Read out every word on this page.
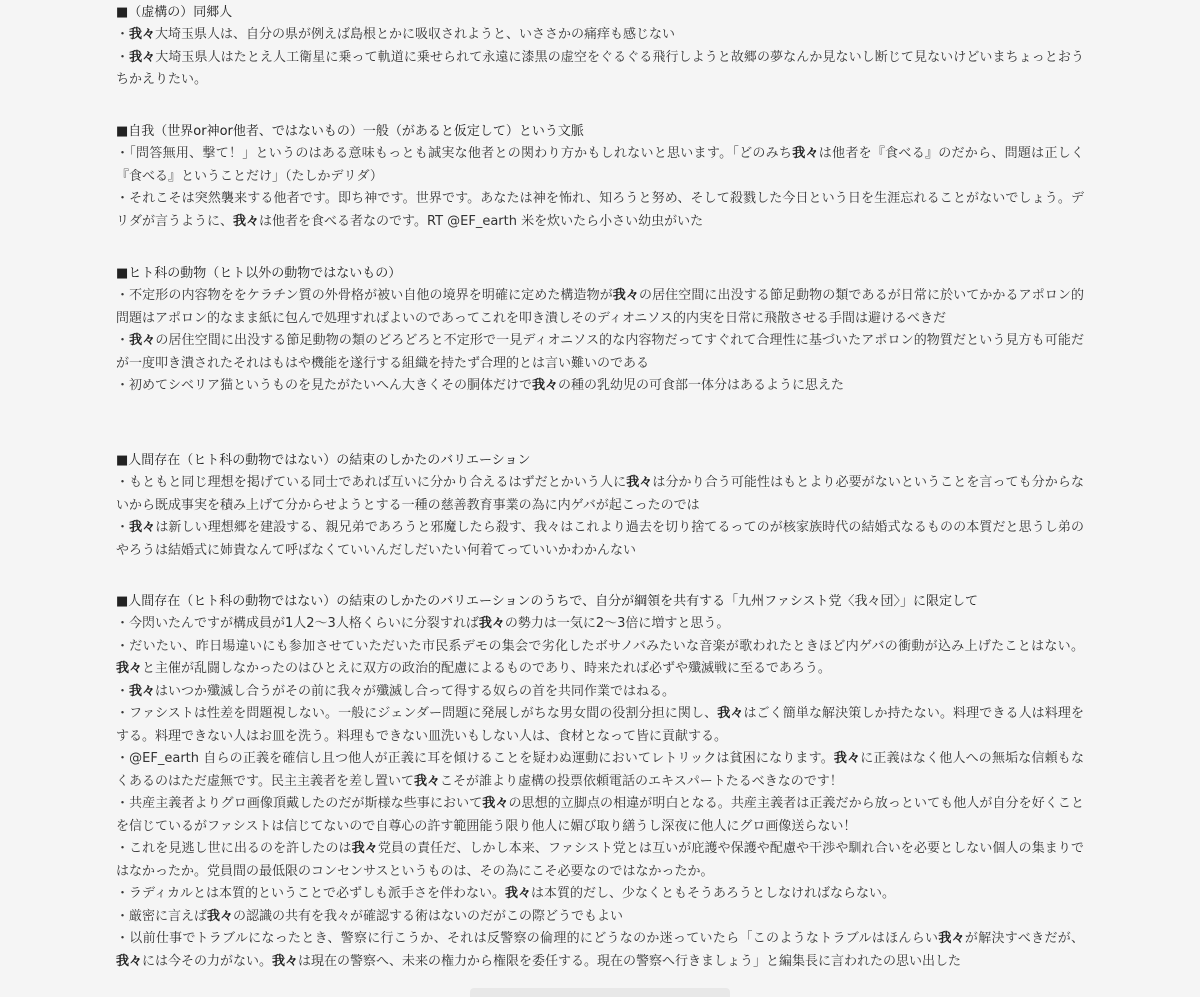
■（虚構の）同郷人
・我々大埼玉県人は、自分の県が例えば島根とかに吸収されようと、いささかの痛痒も感じない
・我々大埼玉県人はたとえ人工衛星に乗って軌道に乗せられて永遠に漆黒の虚空をぐるぐる飛行しようと故郷の夢なんか見ないし断じて見ないけどいまちょっとおうちかえりたい。
■自我（世界or神or他者、ではないもの）一般（があると仮定して）という文脈
・「問答無用、撃て！」というのはある意味もっとも誠実な他者との関わり方かもしれないと思います。「どのみち我々は他者を『食べる』のだから、問題は正しく『食べる』ということだけ」（たしかデリダ）
・それこそは突然襲来する他者です。即ち神です。世界です。あなたは神を怖れ、知ろうと努め、そして殺戮した今日という日を生涯忘れることがないでしょう。デリダが言うように、我々は他者を食べる者なのです。RT @EF_earth 米を炊いたら小さい幼虫がいた
■ヒト科の動物（ヒト以外の動物ではないもの）
・不定形の内容物ををケラチン質の外骨格が被い自他の境界を明確に定めた構造物が我々の居住空間に出没する節足動物の類であるが日常に於いてかかるアポロン的問題はアポロン的なまま紙に包んで処理すればよいのであってこれを叩き潰しそのディオニソス的内実を日常に飛散させる手間は避けるべきだ
・我々の居住空間に出没する節足動物の類のどろどろと不定形で一見ディオニソス的な内容物だってすぐれて合理性に基づいたアポロン的物質だという見方も可能だが一度叩き潰されたそれはもはや機能を遂行する組織を持たず合理的とは言い難いのである
・初めてシベリア猫というものを見たがたいへん大きくその胴体だけで我々の種の乳幼児の可食部一体分はあるように思えた
■人間存在（ヒト科の動物ではない）の結束のしかたのバリエーション
・もともと同じ理想を掲げている同士であれば互いに分かり合えるはずだとかいう人に我々は分かり合う可能性はもとより必要がないということを言っても分からないから既成事実を積み上げて分からせようとする一種の慈善教育事業の為に内ゲバが起こったのでは
・我々は新しい理想郷を建設する、親兄弟であろうと邪魔したら殺す、我々はこれより過去を切り捨てるってのが核家族時代の結婚式なるものの本質だと思うし弟のやろうは結婚式に姉貴なんて呼ばなくていいんだしだいたい何着てっていいかわかんない
■人間存在（ヒト科の動物ではない）の結束のしかたのバリエーションのうちで、自分が綱領を共有する「九州ファシスト党〈我々団〉」に限定して
・今閃いたんですが構成員が1人2〜3人格くらいに分裂すれば我々の勢力は一気に2〜3倍に増すと思う。
・だいたい、昨日場違いにも参加させていただいた市民系デモの集会で劣化したボサノバみたいな音楽が歌われたときほど内ゲバの衝動が込み上げたことはない。我々と主催が乱闘しなかったのはひとえに双方の政治的配慮によるものであり、時来たれば必ずや殲滅戦に至るであろう。
・我々はいつか殲滅し合うがその前に我々が殲滅し合って得する奴らの首を共同作業ではねる。
・ファシストは性差を問題視しない。一般にジェンダー問題に発展しがちな男女間の役割分担に関し、我々はごく簡単な解決策しか持たない。料理できる人は料理をする。料理できない人はお皿を洗う。料理もできない皿洗いもしない人は、食材となって皆に貢献する。
・@EF_earth 自らの正義を確信し且つ他人が正義に耳を傾けることを疑わぬ運動においてレトリックは貧困になります。我々に正義はなく他人への無垢な信頼もなくあるのはただ虚無です。民主主義者を差し置いて我々こそが誰より虚構の投票依頼電話のエキスパートたるべきなのです！
・共産主義者よりグロ画像頂戴したのだが斯様な些事において我々の思想的立脚点の相違が明白となる。共産主義者は正義だから放っといても他人が自分を好くことを信じているがファシストは信じてないので自尊心の許す範囲能う限り他人に媚び取り繕うし深夜に他人にグロ画像送らない！
・これを見逃し世に出るのを許したのは我々党員の責任だ、しかし本来、ファシスト党とは互いが庇護や保護や配慮や干渉や馴れ合いを必要としない個人の集まりではなかったか。党員間の最低限のコンセンサスというものは、その為にこそ必要なのではなかったか。
・ラディカルとは本質的ということで必ずしも派手さを伴わない。我々は本質的だし、少なくともそうあろうとしなければならない。
・厳密に言えば我々の認識の共有を我々が確認する術はないのだがこの際どうでもよい
・以前仕事でトラブルになったとき、警察に行こうか、それは反警察の倫理的にどうなのか迷っていたら「このようなトラブルはほんらい我々が解決すべきだが、我々には今その力がない。我々は現在の警察へ、未来の権力から権限を委任する。現在の警察へ行きましょう」と編集長に言われたの思い出した
